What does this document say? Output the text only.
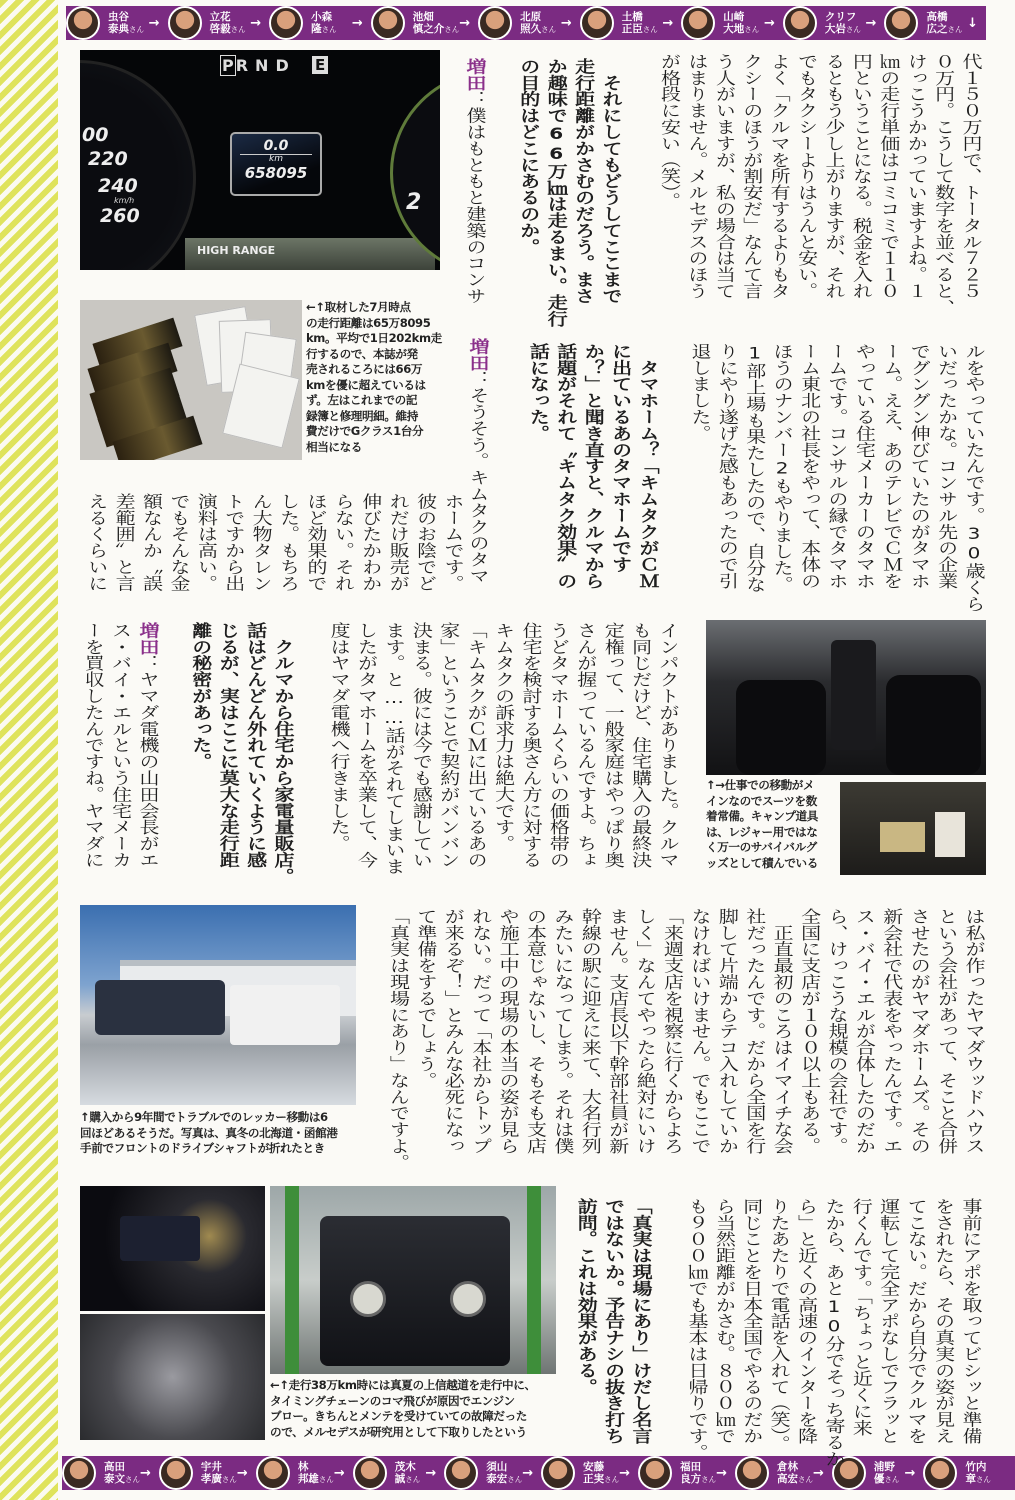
虫谷
泰典さん →	立花
啓毅さん →	小森
隆さん →	池畑
慎之介さん →	北原
照久さん →	土橋
正臣さん →	山崎
大地さん →	クリフ
大岩さん →	高橋
広之さん ↓
高田
泰文さん →	宇井
孝廣さん →	林
邦雄さん →	茂木
誠さん →	須山
泰宏さん →	安藤
正実さん →	福田
良方さん →	倉林
高宏さん →	浦野
優さん →	竹内
章さん
00
220
240
km/h
260
P RND E
0.0
km
658095
HIGH RANGE
2
←↑取材した7月時点
の走行距離は65万8095
km。平均で1日202km走
行するので、本誌が発
売されるころには66万
kmを優に超えているは
ず。左はこれまでの記
録簿と修理明細。維持
費だけでGクラス1台分
相当になる
↑→仕事での移動がメ
インなのでスーツを数
着常備。キャンプ道具
は、レジャー用ではな
く万一のサバイバルグ
ッズとして積んでいる
↑購入から9年間でトラブルでのレッカー移動は6
回ほどあるそうだ。写真は、真冬の北海道・函館港
手前でフロントのドライブシャフトが折れたとき
←↑走行38万km時には真夏の上信越道を走行中に、
タイミングチェーンのコマ飛びが原因でエンジン
ブロー。きちんとメンテを受けていての故障だった
ので、メルセデスが研究用として下取りしたという
代１５０万円で、トータル７２５
０万円。こうして数字を並べると、
けっこうかかっていますよね。１
㎞の走行単価はコミコミで１１０
円ということになる。税金を入れ
るともう少し上がりますが、それ
でもタクシーよりはうんと安い。
よく「クルマを所有するよりもタ
クシーのほうが割安だ」なんて言
う人がいますが、私の場合は当て
はまりません。メルセデスのほう
が格段に安い（笑）。
それにしてもどうしてここまで
走行距離がかさむのだろう。まさ
か趣味で66万㎞は走るまい。走行
の目的はどこにあるのか。
増田：僕はもともと建築のコンサ
ルをやっていたんです。30歳くら
いだったかな。コンサル先の企業
でグングン伸びていたのがタマホ
ーム。ええ、あのテレビでＣＭを
やっている住宅メーカーのタマホ
ームです。コンサルの縁でタマホ
ーム東北の社長をやって、本体の
ほうのナンバー2もやりました。
1部上場も果たしたので、自分な
りにやり遂げた感もあったので引
退しました。
タマホーム？「キムタクがＣＭ
に出ているあのタマホームです
か？」と聞き直すと、クルマから
話題がそれて〝キムタク効果〟の
話になった。
増田：そうそう。キムタクのタマ
ホームです。
彼のお陰でど
れだけ販売が
伸びたかわか
らない。それ
ほど効果的で
した。もちろ
ん大物タレン
トですから出
演料は高い。
でもそんな金
額なんか〝誤
差範囲〟と言
えるくらいに
インパクトがありました。クルマ
も同じだけど、住宅購入の最終決
定権って、一般家庭はやっぱり奥
さんが握っているんですよ。ちょ
うどタマホームくらいの価格帯の
住宅を検討する奥さん方に対する
キムタクの訴求力は絶大です。
「キムタクがＣＭに出ているあの
家」ということで契約がバンバン
決まる。彼には今でも感謝してい
ます。と……話がそれてしまいま
したがタマホームを卒業して、今
度はヤマダ電機へ行きました。
クルマから住宅から家電量販店。
話はどんどん外れていくように感
じるが、実はここに莫大な走行距
離の秘密があった。
増田：ヤマダ電機の山田会長がエ
ス・バイ・エルという住宅メーカ
ーを買収したんですね。ヤマダに
は私が作ったヤマダウッドハウス
という会社があって、そこと合併
させたのがヤマダホームズ。その
新会社で代表をやったんです。エ
ス・バイ・エルが合体したのだか
ら、けっこうな規模の会社です。
全国に支店が１００以上もある。
正直最初のころはイマイチな会
社だったんです。だから全国を行
脚して片端からテコ入れしていか
なければいけません。でもここで
「来週支店を視察に行くからよろ
しく」なんてやったら絶対にいけ
ません。支店長以下幹部社員が新
幹線の駅に迎えに来て、大名行列
みたいになってしまう。それは僕
の本意じゃないし、そもそも支店
や施工中の現場の本当の姿が見ら
れない。だって「本社からトップ
が来るぞ！」とみんな必死になっ
て準備をするでしょう。
「真実は現場にあり」なんですよ。
事前にアポを取ってビシッと準備
をされたら、その真実の姿が見え
てこない。だから自分でクルマを
運転して完全アポなしでフラッと
行くんです。「ちょっと近くに来
たから、あと10分でそっち寄るか
ら」と近くの高速のインターを降
りたあたりで電話を入れて（笑）。
同じことを日本全国でやるのだか
ら当然距離がかさむ。８００㎞で
も９００㎞でも基本は日帰りです。
「真実は現場にあり」けだし名言
ではないか。予告ナシの抜き打ち
訪問。これは効果がある。
